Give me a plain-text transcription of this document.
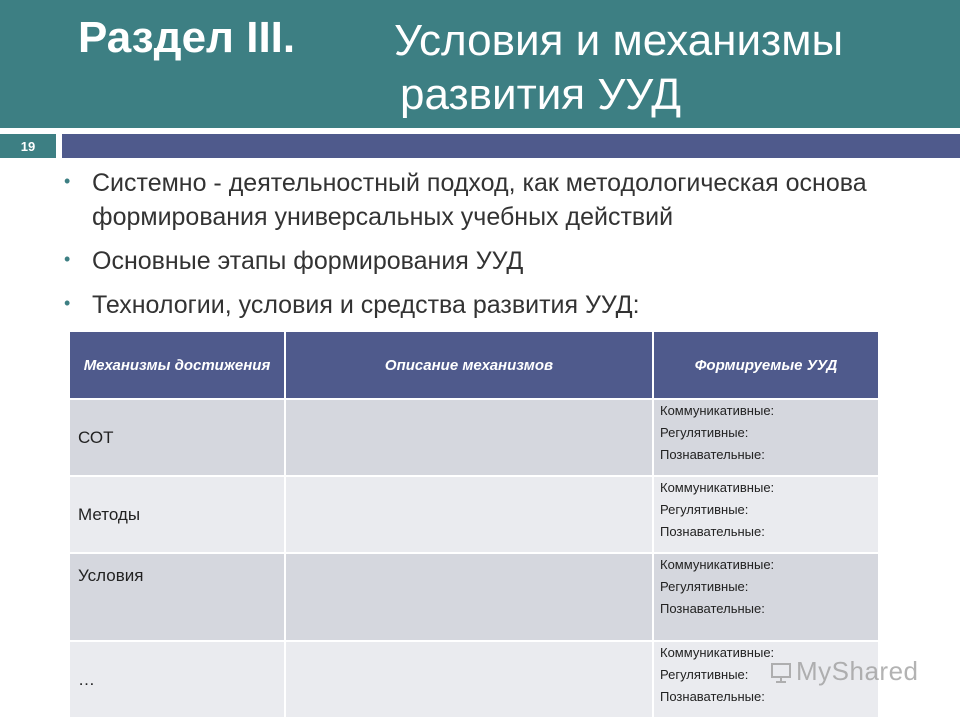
Раздел III. Условия и механизмы
развития УУД
19
• Системно - деятельностный подход, как методологическая основа формирования универсальных учебных действий
• Основные этапы формирования УУД
• Технологии, условия и средства развития УУД:
Механизмы достижения	Описание механизмов	Формируемые УУД
СОТ		Коммуникативные:
Регулятивные:
Познавательные:

Методы		Коммуникативные:
Регулятивные:
Познавательные:

Условия		Коммуникативные:
Регулятивные:
Познавательные:

…		Коммуникативные:
Регулятивные:
Познавательные:
MyShared
